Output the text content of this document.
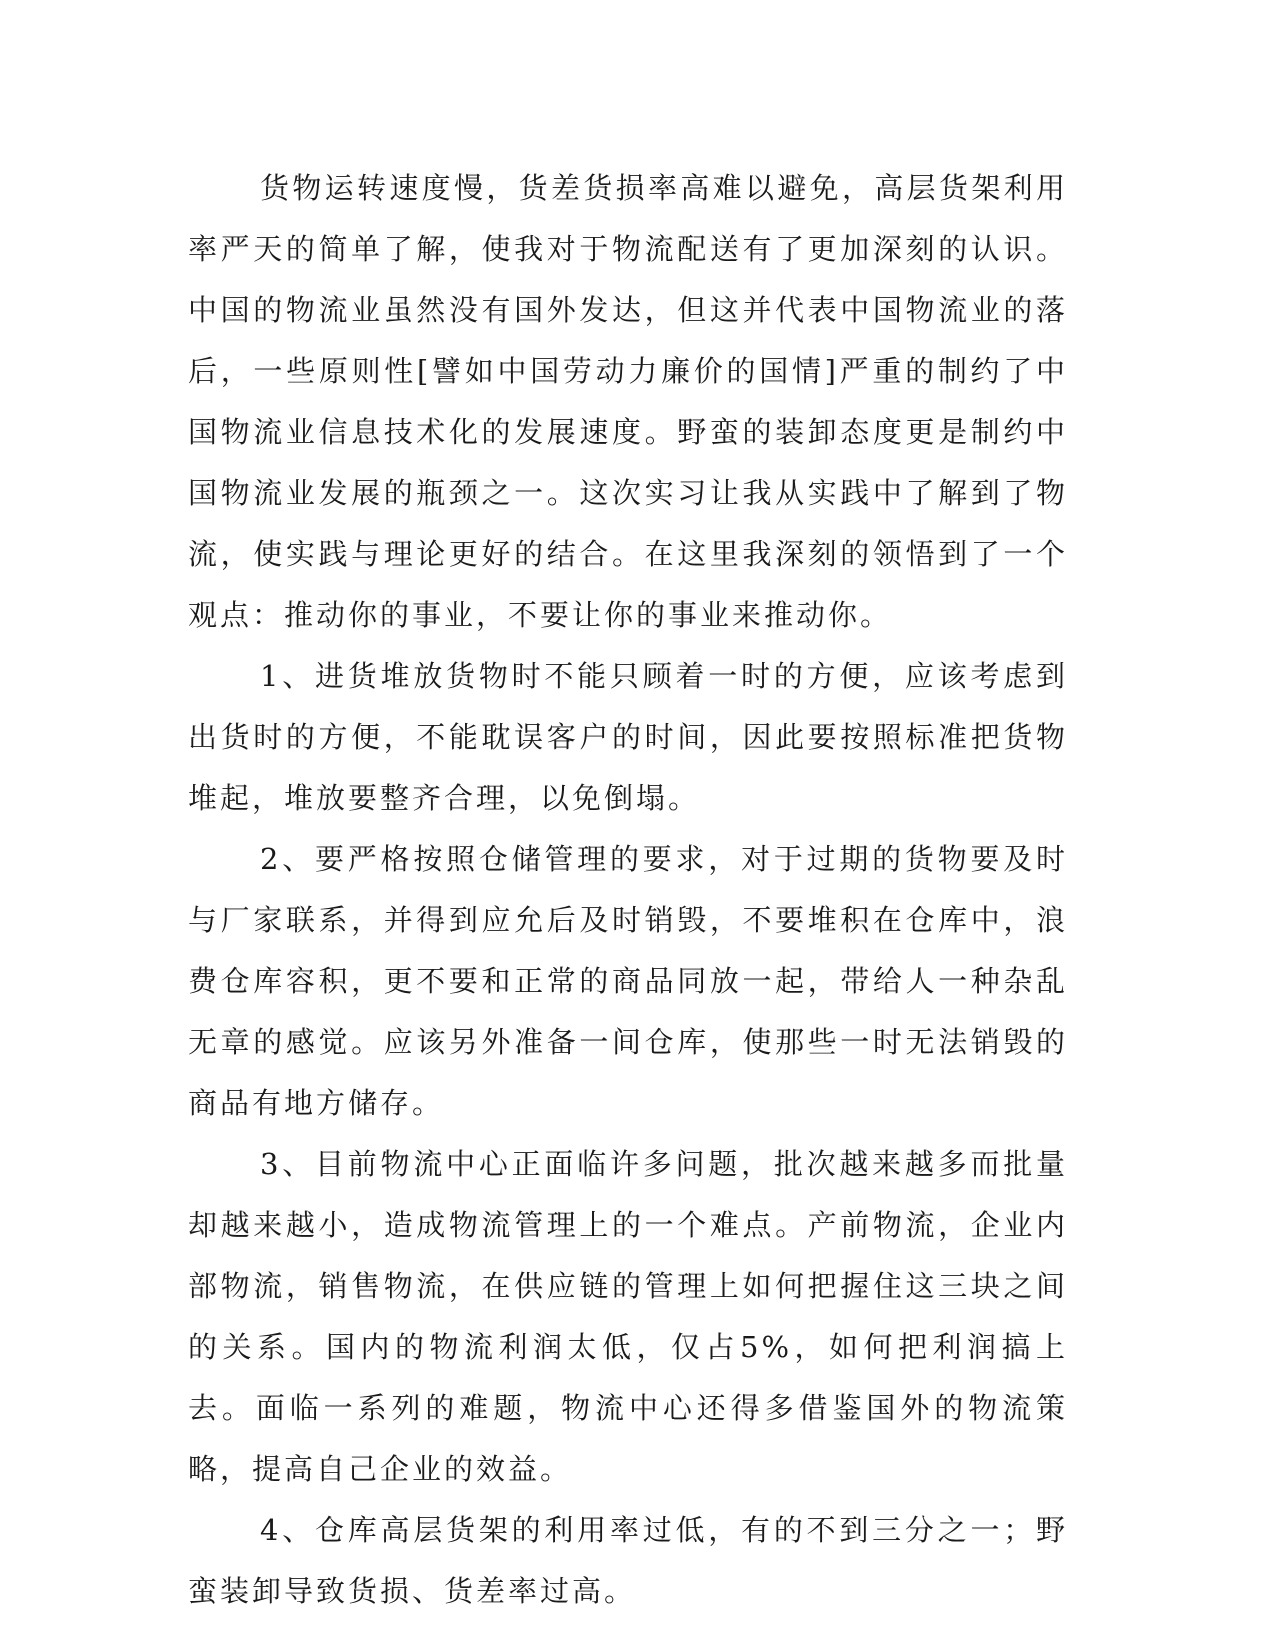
货物运转速度慢，货差货损率高难以避免，高层货架利用率严天的简单了解，使我对于物流配送有了更加深刻的认识。中国的物流业虽然没有国外发达，但这并代表中国物流业的落后，一些原则性[譬如中国劳动力廉价的国情]严重的制约了中国物流业信息技术化的发展速度。野蛮的装卸态度更是制约中国物流业发展的瓶颈之一。这次实习让我从实践中了解到了物流，使实践与理论更好的结合。在这里我深刻的领悟到了一个观点：推动你的事业，不要让你的事业来推动你。

1、进货堆放货物时不能只顾着一时的方便，应该考虑到出货时的方便，不能耽误客户的时间，因此要按照标准把货物堆起，堆放要整齐合理，以免倒塌。

2、要严格按照仓储管理的要求，对于过期的货物要及时与厂家联系，并得到应允后及时销毁，不要堆积在仓库中，浪费仓库容积，更不要和正常的商品同放一起，带给人一种杂乱无章的感觉。应该另外准备一间仓库，使那些一时无法销毁的商品有地方储存。

3、目前物流中心正面临许多问题，批次越来越多而批量却越来越小，造成物流管理上的一个难点。产前物流，企业内部物流，销售物流，在供应链的管理上如何把握住这三块之间的关系。国内的物流利润太低，仅占5%，如何把利润搞上去。面临一系列的难题，物流中心还得多借鉴国外的物流策略，提高自己企业的效益。

4、仓库高层货架的利用率过低，有的不到三分之一；野蛮装卸导致货损、货差率过高。
